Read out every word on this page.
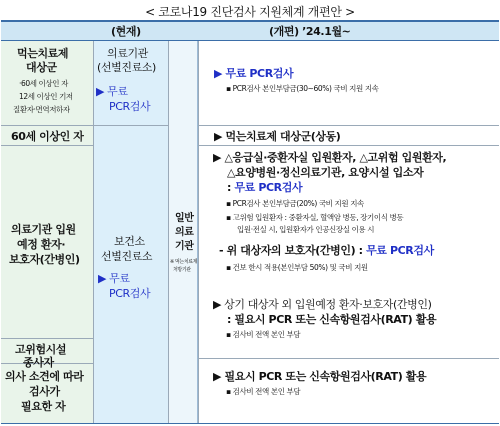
< 코로나19 진단검사 지원체계 개편안 >
(현재)	(개편) ’24.1월~
먹는치료제
대상군
·60세 이상인 자
12세 이상인 기저
질환자·면역저하자
60세 이상인 자
의료기관 입원
예정 환자·
보호자(간병인)
고위험시설
종사자
의사 소견에 따라
검사가
필요한 자
의료기관
(선별진료소)
▶ 무료
PCR검사
보건소
선별진료소
▶ 무료
PCR검사
일반
의료
기관
※ 먹는치료제
처방기관
▶ 무료 PCR검사
▪ PCR검사 본인부담금(30~60%) 국비 지원 지속
▶ 먹는치료제 대상군(상동)
▶ △응급실·중환자실 입원환자, △고위험 입원환자,
△요양병원·정신의료기관, 요양시설 입소자
: 무료 PCR검사
▪ PCR검사 본인부담금(20%) 국비 지원 지속
▪ 고위험 입원환자 : 중환자실, 혈액암 병동, 장기이식 병동
입원·전실 시, 입원환자가 인공신장실 이용 시
- 위 대상자의 보호자(간병인) : 무료 PCR검사
▪ 건보 한시 적용(본인부담 50%) 및 국비 지원
▶ 상기 대상자 외 입원예정 환자·보호자(간병인)
: 필요시 PCR 또는 신속항원검사(RAT) 활용
▪ 검사비 전액 본인 부담
▶ 필요시 PCR 또는 신속항원검사(RAT) 활용
▪ 검사비 전액 본인 부담
